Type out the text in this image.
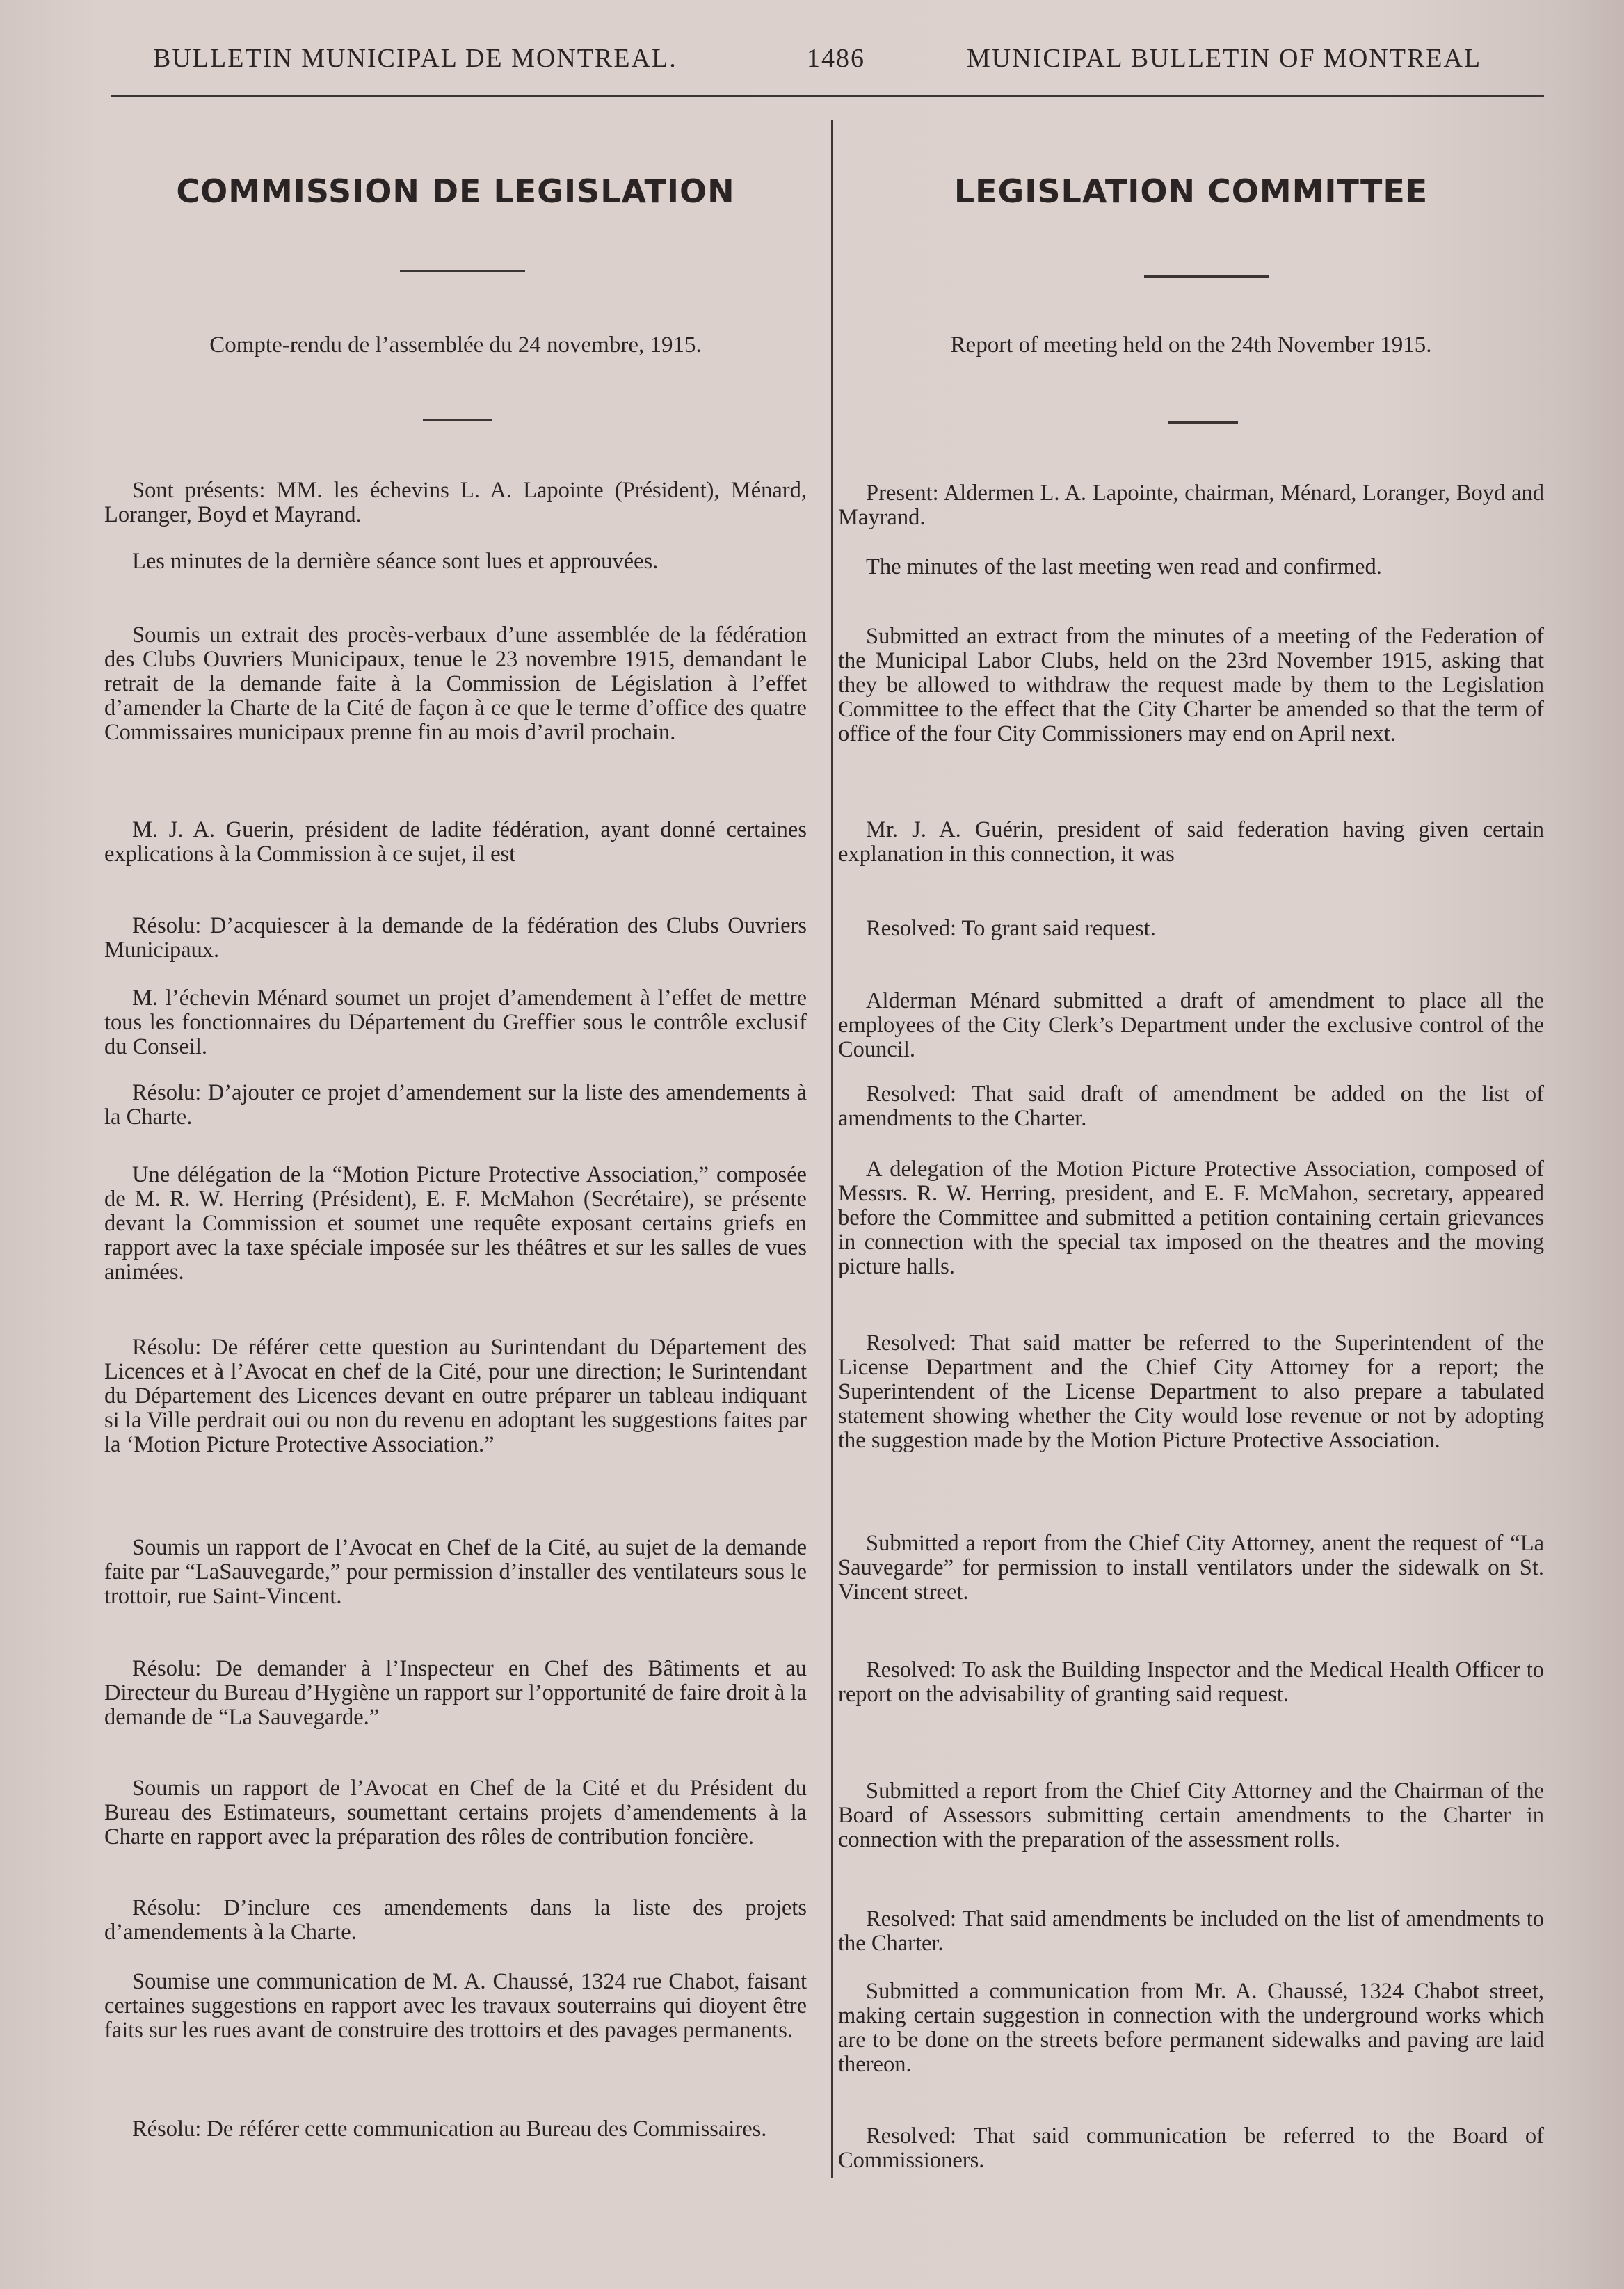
BULLETIN MUNICIPAL DE MONTREAL.	1486	MUNICIPAL BULLETIN OF MONTREAL
COMMISSION DE LEGISLATION
Compte-rendu de l’assemblée du 24 novembre, 1915.

Sont présents: MM. les échevins L. A. Lapointe (Président), Ménard, Loranger, Boyd et Mayrand.

Les minutes de la dernière séance sont lues et approuvées.

Soumis un extrait des procès-verbaux d’une assemblée de la fédération des Clubs Ouvriers Municipaux, tenue le 23 novembre 1915, demandant le retrait de la demande faite à la Commission de Législation à l’effet d’amender la Charte de la Cité de façon à ce que le terme d’office des quatre Commissaires municipaux prenne fin au mois d’avril prochain.

M. J. A. Guerin, président de ladite fédération, ayant donné certaines explications à la Commission à ce sujet, il est

Résolu: D’acquiescer à la demande de la fédération des Clubs Ouvriers Municipaux.

M. l’échevin Ménard soumet un projet d’amendement à l’effet de mettre tous les fonctionnaires du Département du Greffier sous le contrôle exclusif du Conseil.

Résolu: D’ajouter ce projet d’amendement sur la liste des amendements à la Charte.

Une délégation de la “Motion Picture Protective Association,” composée de M. R. W. Herring (Président), E. F. McMahon (Secrétaire), se présente devant la Commission et soumet une requête exposant certains griefs en rapport avec la taxe spéciale imposée sur les théâtres et sur les salles de vues animées.

Résolu: De référer cette question au Surintendant du Département des Licences et à l’Avocat en chef de la Cité, pour une direction; le Surintendant du Département des Licences devant en outre préparer un tableau indiquant si la Ville perdrait oui ou non du revenu en adoptant les suggestions faites par la ‘Motion Picture Protective Association.”

Soumis un rapport de l’Avocat en Chef de la Cité, au sujet de la demande faite par “LaSauvegarde,” pour permission d’installer des ventilateurs sous le trottoir, rue Saint-Vincent.

Résolu: De demander à l’Inspecteur en Chef des Bâtiments et au Directeur du Bureau d’Hygiène un rapport sur l’opportunité de faire droit à la demande de “La Sauvegarde.”

Soumis un rapport de l’Avocat en Chef de la Cité et du Président du Bureau des Estimateurs, soumettant certains projets d’amendements à la Charte en rapport avec la préparation des rôles de contribution foncière.

Résolu: D’inclure ces amendements dans la liste des projets d’amendements à la Charte.

Soumise une communication de M. A. Chaussé, 1324 rue Chabot, faisant certaines suggestions en rapport avec les travaux souterrains qui dioyent être faits sur les rues avant de construire des trottoirs et des pavages permanents.

Résolu: De référer cette communication au Bureau des Commissaires.

LEGISLATION COMMITTEE
Report of meeting held on the 24th November 1915.

Present: Aldermen L. A. Lapointe, chairman, Ménard, Loranger, Boyd and Mayrand.

The minutes of the last meeting wen read and confirmed.

Submitted an extract from the minutes of a meeting of the Federation of the Municipal Labor Clubs, held on the 23rd November 1915, asking that they be allowed to withdraw the request made by them to the Legislation Committee to the effect that the City Charter be amended so that the term of office of the four City Commissioners may end on April next.

Mr. J. A. Guérin, president of said federation having given certain explanation in this connection, it was

Resolved: To grant said request.

Alderman Ménard submitted a draft of amendment to place all the employees of the City Clerk’s Department under the exclusive control of the Council.

Resolved: That said draft of amendment be added on the list of amendments to the Charter.

A delegation of the Motion Picture Protective Association, composed of Messrs. R. W. Herring, president, and E. F. McMahon, secretary, appeared before the Committee and submitted a petition containing certain grievances in connection with the special tax imposed on the theatres and the moving picture halls.

Resolved: That said matter be referred to the Superintendent of the License Department and the Chief City Attorney for a report; the Superintendent of the License Department to also prepare a tabulated statement showing whether the City would lose revenue or not by adopting the suggestion made by the Motion Picture Protective Association.

Submitted a report from the Chief City Attorney, anent the request of “La Sauvegarde” for permission to install ventilators under the sidewalk on St. Vincent street.

Resolved: To ask the Building Inspector and the Medical Health Officer to report on the advisability of granting said request.

Submitted a report from the Chief City Attorney and the Chairman of the Board of Assessors submitting certain amendments to the Charter in connection with the preparation of the assessment rolls.

Resolved: That said amendments be included on the list of amendments to the Charter.

Submitted a communication from Mr. A. Chaussé, 1324 Chabot street, making certain suggestion in connection with the underground works which are to be done on the streets before permanent sidewalks and paving are laid thereon.

Resolved: That said communication be referred to the Board of Commissioners.
